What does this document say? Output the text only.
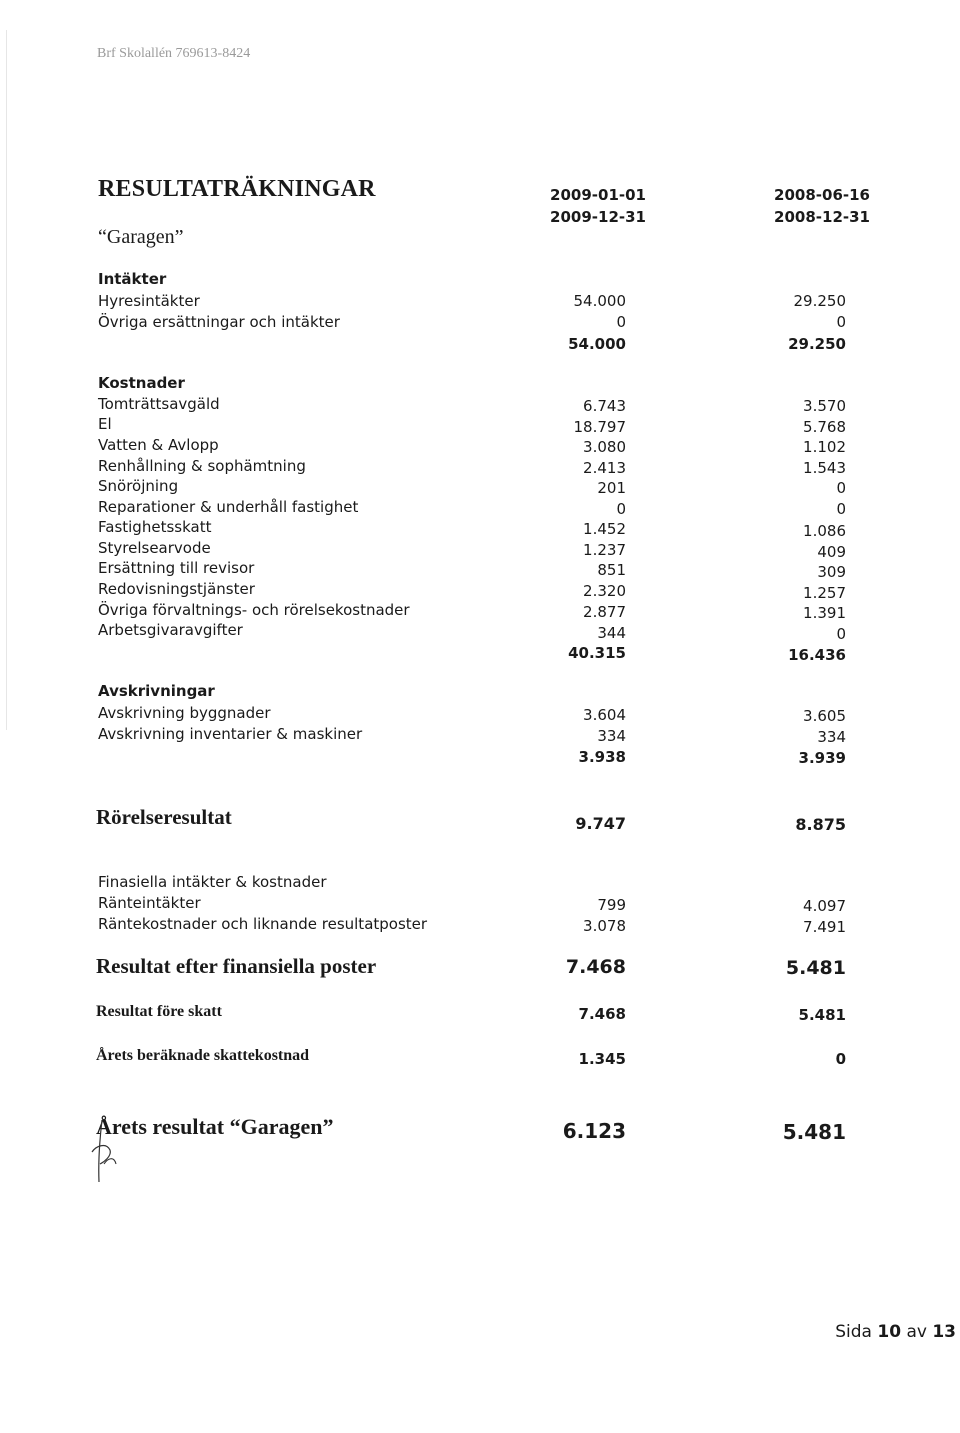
Brf Skolallén 769613-8424
RESULTATRÄKNINGAR
“Garagen”
2009-01-01
2009-12-31
2008-06-16
2008-12-31
Intäkter
Hyresintäkter	54.000	29.250
Övriga ersättningar och intäkter	0	0
54.000	29.250
Kostnader
Tomträttsavgäld	6.743	3.570
El	18.797	5.768
Vatten & Avlopp	3.080	1.102
Renhållning & sophämtning	2.413	1.543
Snöröjning	201	0
Reparationer & underhåll fastighet	0	0
Fastighetsskatt	1.452	1.086
Styrelsearvode	1.237	409
Ersättning till revisor	851	309
Redovisningstjänster	2.320	1.257
Övriga förvaltnings- och rörelsekostnader	2.877	1.391
Arbetsgivaravgifter	344	0
40.315	16.436
Avskrivningar
Avskrivning byggnader	3.604	3.605
Avskrivning inventarier & maskiner	334	334
3.938	3.939
Rörelseresultat	9.747	8.875
Finasiella intäkter & kostnader
Ränteintäkter	799	4.097
Räntekostnader och liknande resultatposter	3.078	7.491
Resultat efter finansiella poster	7.468	5.481
Resultat före skatt	7.468	5.481
Årets beräknade skattekostnad	1.345	0
Årets resultat “Garagen”	6.123	5.481
Sida 10 av 13
